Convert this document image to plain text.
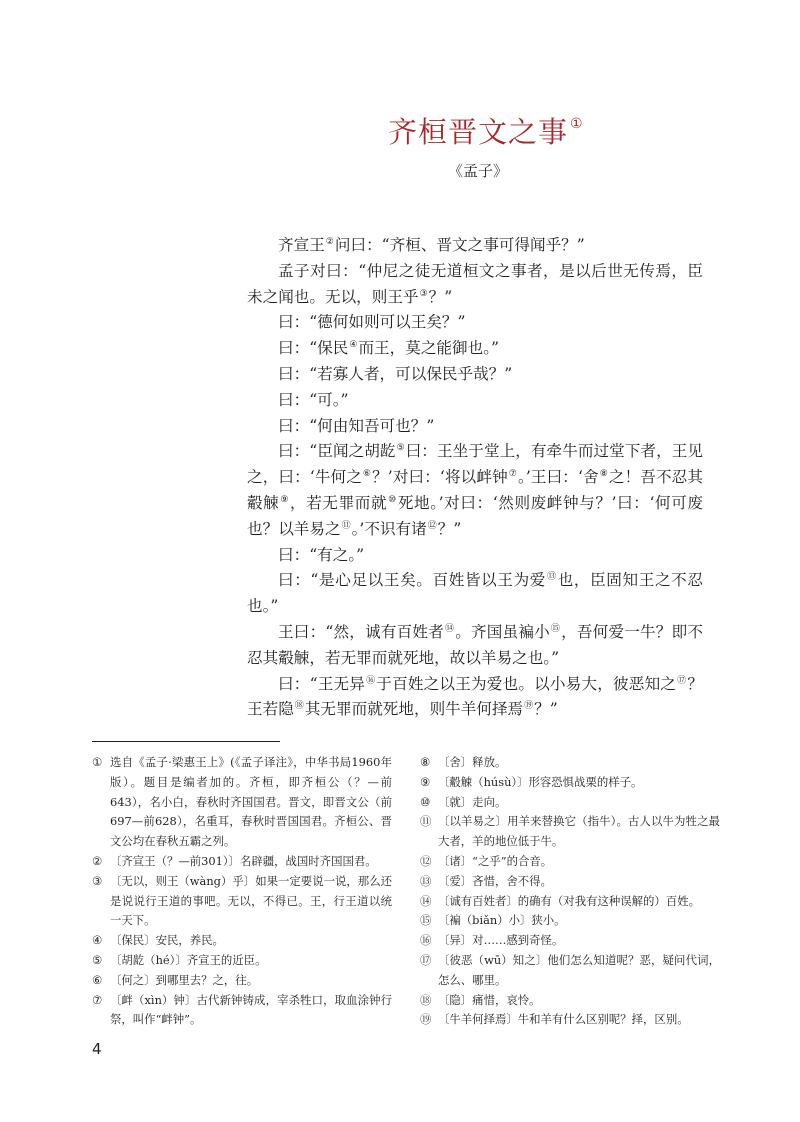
齐桓晋文之事 ①
《孟子》

齐宣王②问曰：“齐桓、晋文之事可得闻乎？”

孟子对曰：“仲尼之徒无道桓文之事者，是以后世无传焉，臣未之闻也。无以，则王乎③？”

曰：“德何如则可以王矣？”

曰：“保民④而王，莫之能御也。”

曰：“若寡人者，可以保民乎哉？”

曰：“可。”

曰：“何由知吾可也？”

曰：“臣闻之胡龁⑤曰：王坐于堂上，有牵牛而过堂下者，王见之，曰：‘牛何之⑥？’对曰：‘将以衅钟⑦。’王曰：‘舍⑧之！吾不忍其觳觫⑨，若无罪而就⑩死地。’对曰：‘然则废衅钟与？’曰：‘何可废也？以羊易之⑪。’不识有诸⑫？”

曰：“有之。”

曰：“是心足以王矣。百姓皆以王为爱⑬也，臣固知王之不忍也。”

王曰：“然，诚有百姓者⑭。齐国虽褊小⑮，吾何爱一牛？即不忍其觳觫，若无罪而就死地，故以羊易之也。”

曰：“王无异⑯于百姓之以王为爱也。以小易大，彼恶知之⑰？王若隐⑱其无罪而就死地，则牛羊何择焉⑲？”

① 选自《孟子·梁惠王上》(《孟子译注》，中华书局1960年版）。题目是编者加的。齐桓，即齐桓公（？—前643），名小白，春秋时齐国国君。晋文，即晋文公（前697—前628），名重耳，春秋时晋国国君。齐桓公、晋文公均在春秋五霸之列。
② 〔齐宣王（？—前301）〕名辟疆，战国时齐国国君。
③ 〔无以，则王（wàng）乎〕如果一定要说一说，那么还是说说行王道的事吧。无以，不得已。王，行王道以统一天下。
④ 〔保民〕安民，养民。
⑤ 〔胡龁（hé）〕齐宣王的近臣。
⑥ 〔何之〕到哪里去？之，往。
⑦ 〔衅（xìn）钟〕古代新钟铸成，宰杀牲口，取血涂钟行祭，叫作“衅钟”。
⑧ 〔舍〕释放。
⑨ 〔觳觫（húsù）〕形容恐惧战栗的样子。
⑩ 〔就〕走向。
⑪ 〔以羊易之〕用羊来替换它（指牛）。古人以牛为牲之最大者，羊的地位低于牛。
⑫ 〔诸〕“之乎”的合音。
⑬ 〔爱〕吝惜，舍不得。
⑭ 〔诚有百姓者〕的确有（对我有这种误解的）百姓。
⑮ 〔褊（biǎn）小〕狭小。
⑯ 〔异〕对……感到奇怪。
⑰ 〔彼恶（wū）知之〕他们怎么知道呢？恶，疑问代词，怎么、哪里。
⑱ 〔隐〕痛惜，哀怜。
⑲ 〔牛羊何择焉〕牛和羊有什么区别呢？择，区别。
4
